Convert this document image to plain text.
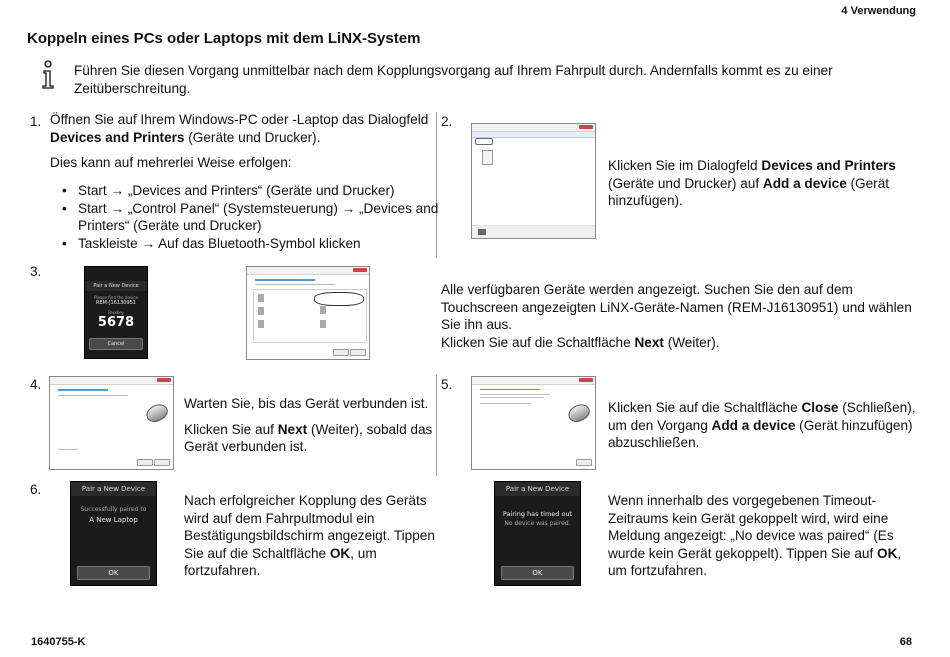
4 Verwendung
Koppeln eines PCs oder Laptops mit dem LiNX-System
Führen Sie diesen Vorgang unmittelbar nach dem Kopplungsvorgang auf Ihrem Fahrpult durch. Andernfalls kommt es zu einer Zeitüberschreitung.
1. Öffnen Sie auf Ihrem Windows-PC oder -Laptop das Dialogfeld
Devices and Printers (Geräte und Drucker).
Dies kann auf mehrerlei Weise erfolgen:
• Start → „Devices and Printers“ (Geräte und Drucker)
• Start → „Control Panel“ (Systemsteuerung) → „Devices and Printers“ (Geräte und Drucker)
• Taskleiste → Auf das Bluetooth-Symbol klicken
2.
Klicken Sie im Dialogfeld Devices and Printers (Geräte und Drucker) auf Add a device (Gerät hinzufügen).
3.
Pair a New Device
Please find the device
REM-J16130951
Passkey
5678
Cancel
Alle verfügbaren Geräte werden angezeigt. Suchen Sie den auf dem Touchscreen angezeigten LiNX-Geräte-Namen (REM-J16130951) und wählen Sie ihn aus.
Klicken Sie auf die Schaltfläche Next (Weiter).
4.
Warten Sie, bis das Gerät verbunden ist.
Klicken Sie auf Next (Weiter), sobald das Gerät verbunden ist.
5.
Klicken Sie auf die Schaltfläche Close (Schließen), um den Vorgang Add a device (Gerät hinzufügen) abzuschließen.
6.	Pair a New Device
Successfully paired to
A New Laptop
OK
Nach erfolgreicher Kopplung des Geräts wird auf dem Fahrpultmodul ein Bestätigungsbildschirm angezeigt. Tippen Sie auf die Schaltfläche OK, um fortzufahren.
Pair a New Device
Pairing has timed out
No device was paired.
OK
Wenn innerhalb des vorgegebenen Timeout-Zeitraums kein Gerät gekoppelt wird, wird eine Meldung angezeigt: „No device was paired“ (Es wurde kein Gerät gekoppelt). Tippen Sie auf OK, um fortzufahren.
1640755-K	68
